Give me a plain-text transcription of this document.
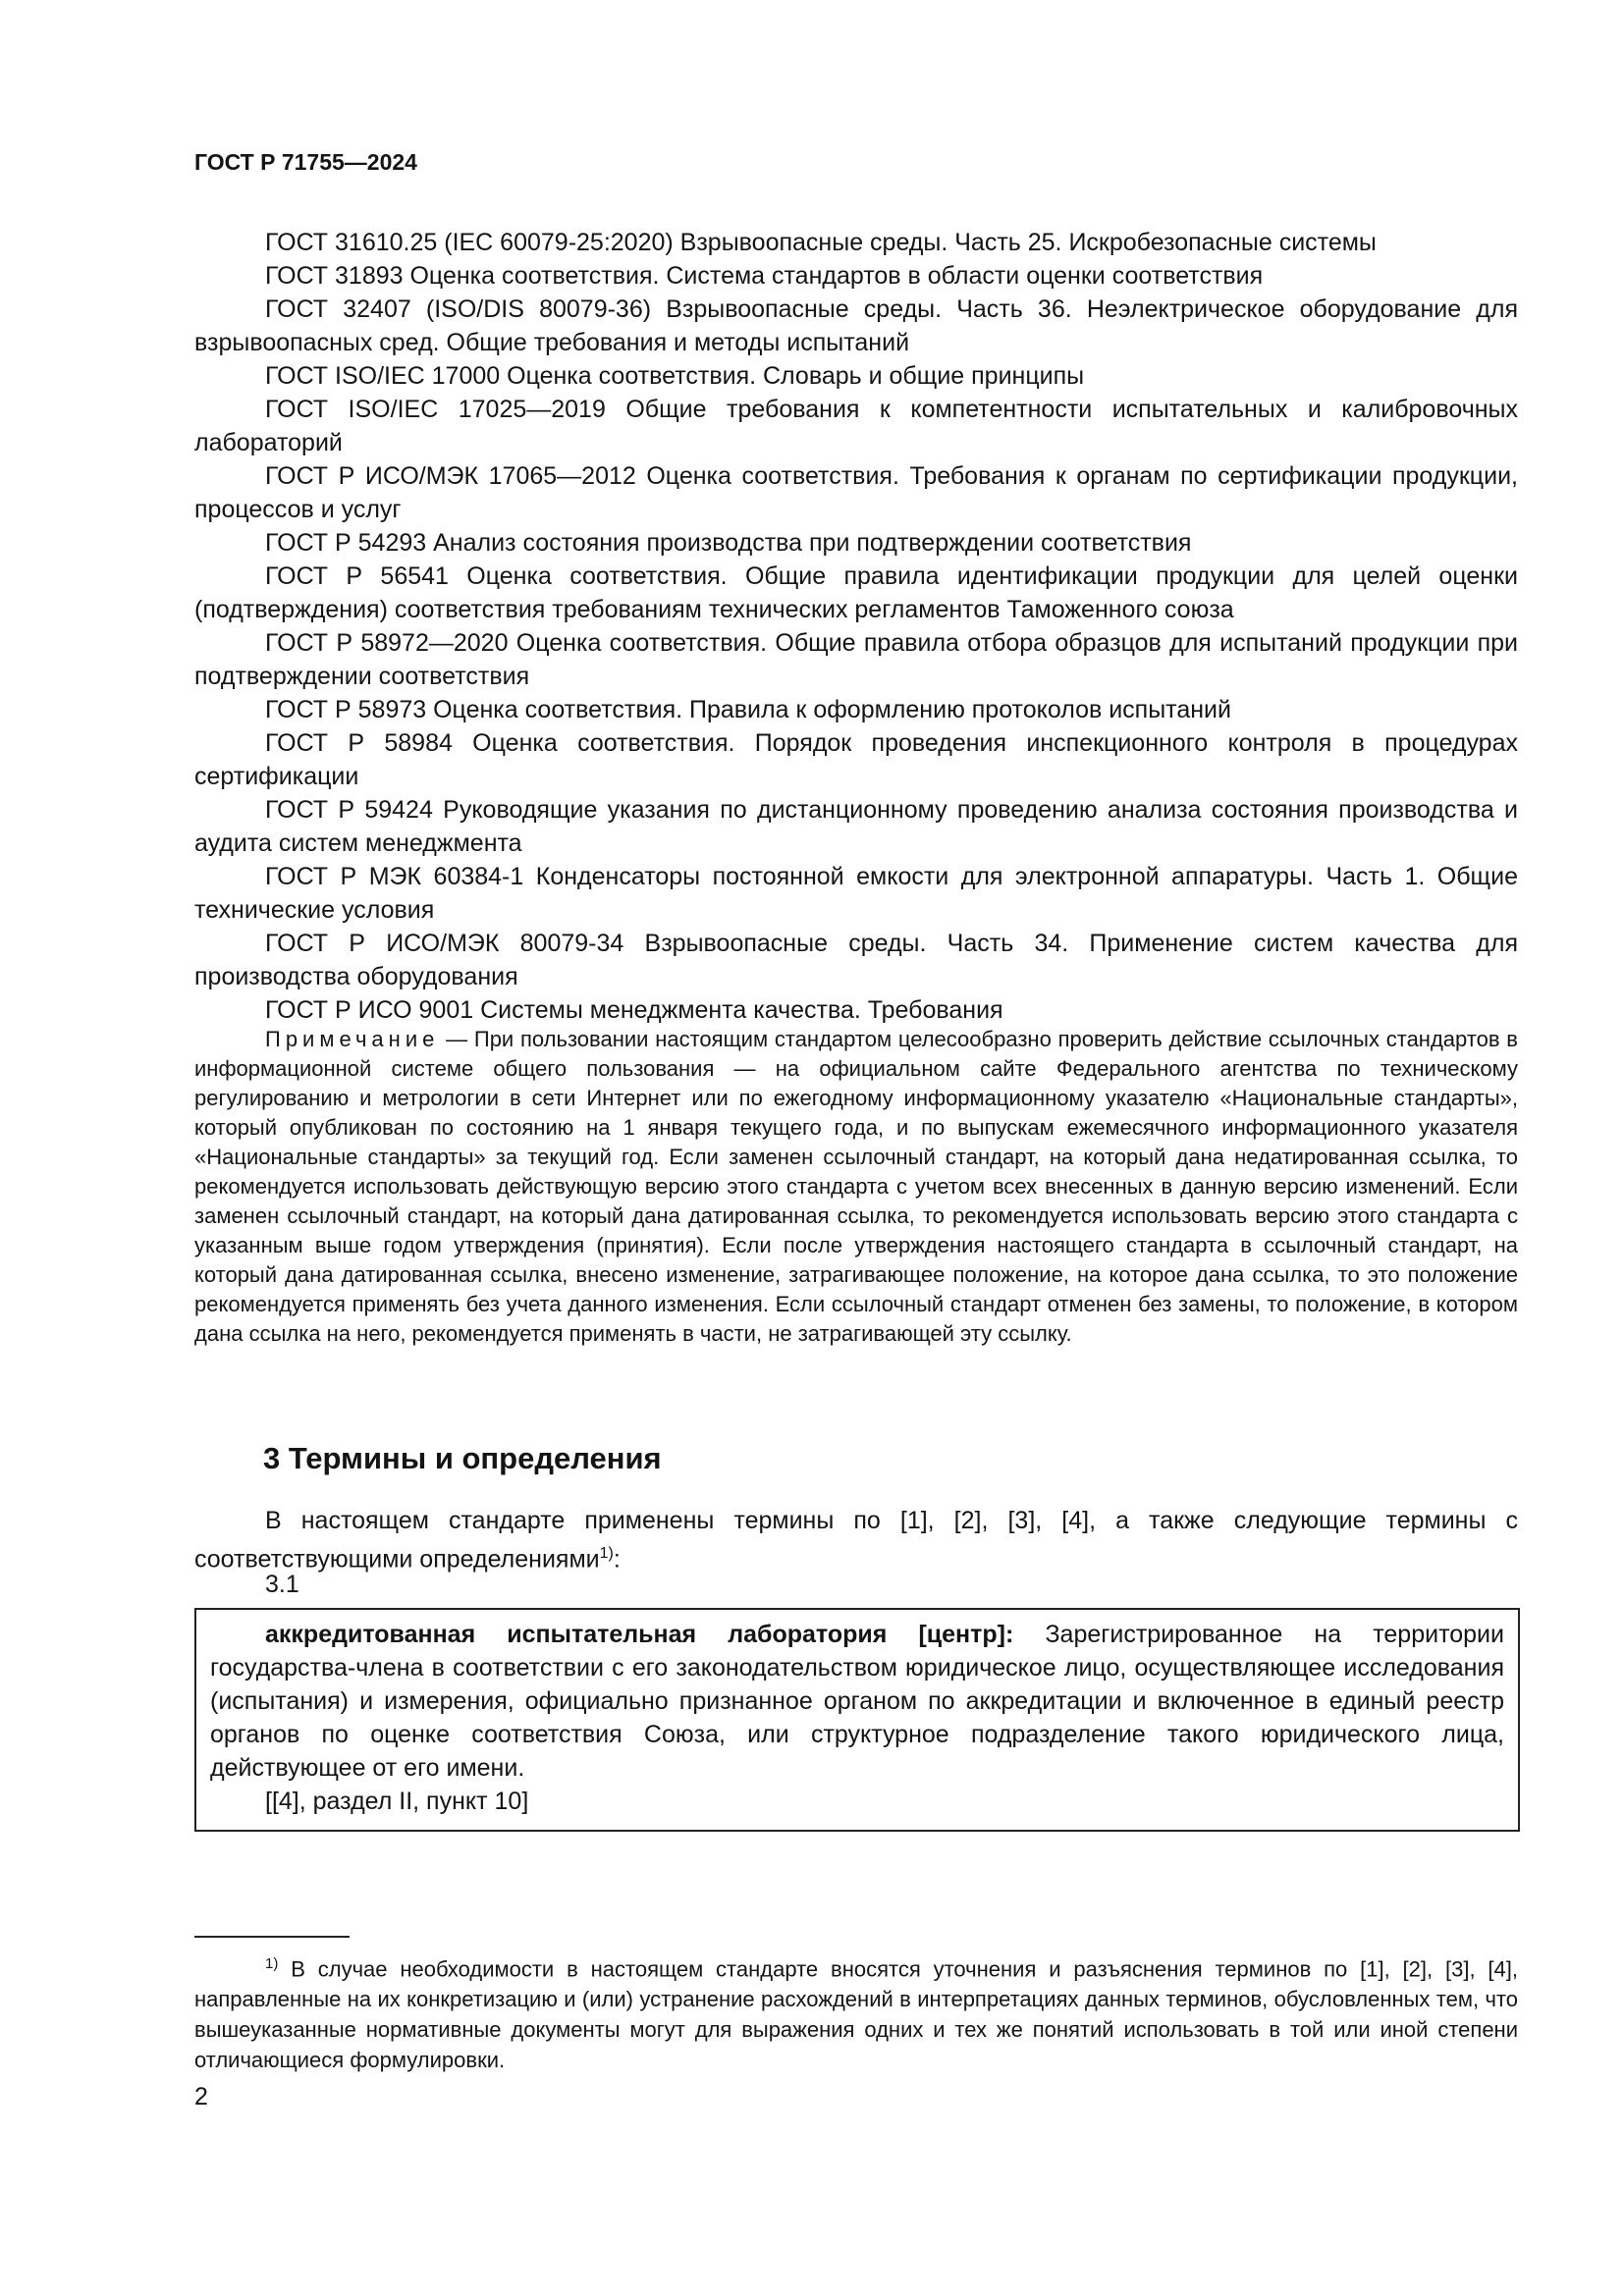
ГОСТ Р 71755—2024

ГОСТ 31610.25 (IEC 60079-25:2020) Взрывоопасные среды. Часть 25. Искробезопасные системы

ГОСТ 31893 Оценка соответствия. Система стандартов в области оценки соответствия

ГОСТ 32407 (ISO/DIS 80079-36) Взрывоопасные среды. Часть 36. Неэлектрическое оборудование для взрывоопасных сред. Общие требования и методы испытаний

ГОСТ ISO/IEC 17000 Оценка соответствия. Словарь и общие принципы

ГОСТ ISO/IEC 17025—2019 Общие требования к компетентности испытательных и калибровочных лабораторий

ГОСТ Р ИСО/МЭК 17065—2012 Оценка соответствия. Требования к органам по сертификации продукции, процессов и услуг

ГОСТ Р 54293 Анализ состояния производства при подтверждении соответствия

ГОСТ Р 56541 Оценка соответствия. Общие правила идентификации продукции для целей оценки (подтверждения) соответствия требованиям технических регламентов Таможенного союза

ГОСТ Р 58972—2020 Оценка соответствия. Общие правила отбора образцов для испытаний продукции при подтверждении соответствия

ГОСТ Р 58973 Оценка соответствия. Правила к оформлению протоколов испытаний

ГОСТ Р 58984 Оценка соответствия. Порядок проведения инспекционного контроля в процедурах сертификации

ГОСТ Р 59424 Руководящие указания по дистанционному проведению анализа состояния производства и аудита систем менеджмента

ГОСТ Р МЭК 60384-1 Конденсаторы постоянной емкости для электронной аппаратуры. Часть 1. Общие технические условия

ГОСТ Р ИСО/МЭК 80079-34 Взрывоопасные среды. Часть 34. Применение систем качества для производства оборудования

ГОСТ Р ИСО 9001 Системы менеджмента качества. Требования

Примечание — При пользовании настоящим стандартом целесообразно проверить действие ссылочных стандартов в информационной системе общего пользования — на официальном сайте Федерального агентства по техническому регулированию и метрологии в сети Интернет или по ежегодному информационному указателю «Национальные стандарты», который опубликован по состоянию на 1 января текущего года, и по выпускам ежемесячного информационного указателя «Национальные стандарты» за текущий год. Если заменен ссылочный стандарт, на который дана недатированная ссылка, то рекомендуется использовать действующую версию этого стандарта с учетом всех внесенных в данную версию изменений. Если заменен ссылочный стандарт, на который дана датированная ссылка, то рекомендуется использовать версию этого стандарта с указанным выше годом утверждения (принятия). Если после утверждения настоящего стандарта в ссылочный стандарт, на который дана датированная ссылка, внесено изменение, затрагивающее положение, на которое дана ссылка, то это положение рекомендуется применять без учета данного изменения. Если ссылочный стандарт отменен без замены, то положение, в котором дана ссылка на него, рекомендуется применять в части, не затрагивающей эту ссылку.

3 Термины и определения

В настоящем стандарте применены термины по [1], [2], [3], [4], а также следующие термины с соответствующими определениями$^{1)}$:

3.1

аккредитованная испытательная лаборатория [центр]: Зарегистрированное на территории государства-члена в соответствии с его законодательством юридическое лицо, осуществляющее исследования (испытания) и измерения, официально признанное органом по аккредитации и включенное в единый реестр органов по оценке соответствия Союза, или структурное подразделение такого юридического лица, действующее от его имени.

[[4], раздел II, пункт 10]

$^{1)}$ В случае необходимости в настоящем стандарте вносятся уточнения и разъяснения терминов по [1], [2], [3], [4], направленные на их конкретизацию и (или) устранение расхождений в интерпретациях данных терминов, обусловленных тем, что вышеуказанные нормативные документы могут для выражения одних и тех же понятий использовать в той или иной степени отличающиеся формулировки.

2
